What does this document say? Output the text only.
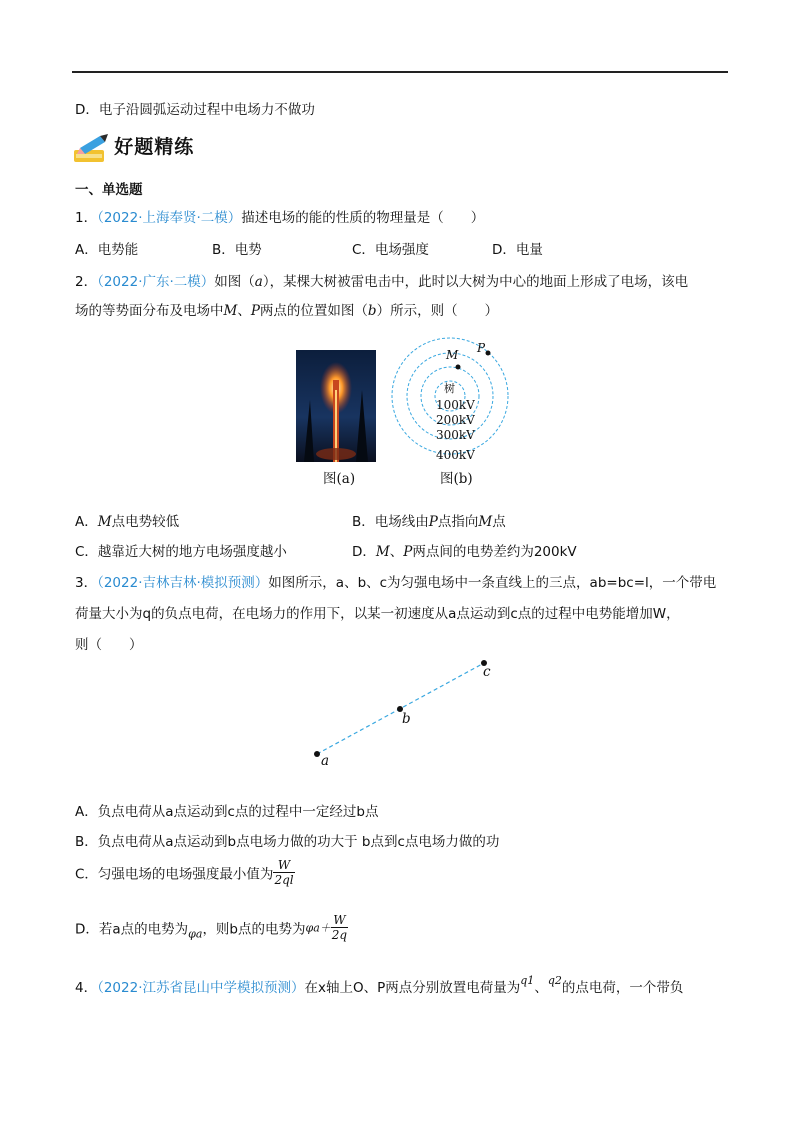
D．电子沿圆弧运动过程中电场力不做功
好题精练
一、单选题
1．（2022·上海奉贤·二模）描述电场的能的性质的物理量是（　　）
A．电势能	B．电势	C．电场强度	D．电量
2．（2022·广东·二模）如图（a），某棵大树被雷电击中，此时以大树为中心的地面上形成了电场，该电
场的等势面分布及电场中M、P两点的位置如图（b）所示，则（　　）
图(a)
M P
树
100kV
200kV
300kV
400kV
图(b)
A．M点电势较低	B．电场线由P点指向M点
C．越靠近大树的地方电场强度越小	D．M、P两点间的电势差约为200kV
3．（2022·吉林吉林·模拟预测）如图所示，a、b、c为匀强电场中一条直线上的三点，ab=bc=l，一个带电
荷量大小为q的负点电荷，在电场力的作用下，以某一初速度从a点运动到c点的过程中电势能增加W，
则（　　）
a
b
c
A．负点电荷从a点运动到c点的过程中一定经过b点
B．负点电荷从a点运动到b点电场力做的功大于 b点到c点电场力做的功
C．匀强电场的电场强度最小值为 $\frac{W}{2ql}$
D．若a点的电势为$_{\varphi a}$，则b点的电势为$\varphi a+ \frac{W}{2q}$
4．（2022·江苏省昆山中学模拟预测）在x轴上O、P两点分别放置电荷量为$^{q1}$、$^{q2}$的点电荷，一个带负
